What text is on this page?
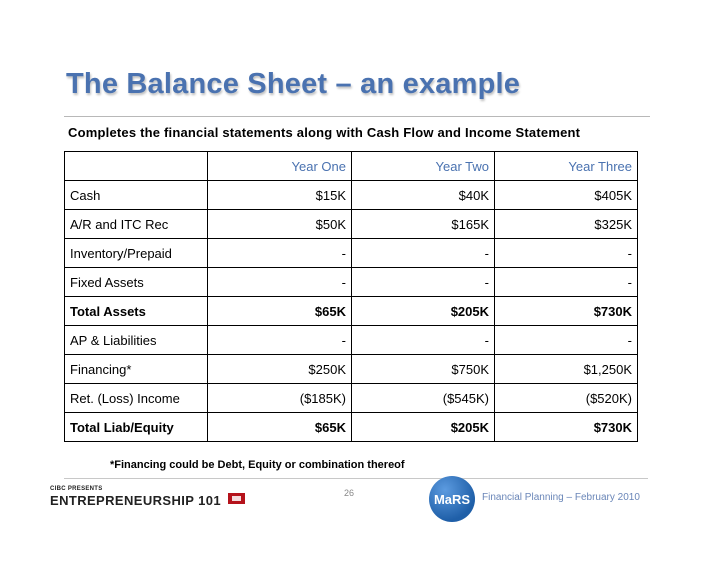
The Balance Sheet – an example
Completes the financial statements along with Cash Flow and Income Statement
	Year One	Year Two	Year Three
Cash	$15K	$40K	$405K
A/R and ITC Rec	$50K	$165K	$325K
Inventory/Prepaid	-	-	-
Fixed Assets	-	-	-
Total Assets	$65K	$205K	$730K
AP & Liabilities	-	-	-
Financing*	$250K	$750K	$1,250K
Ret. (Loss) Income	($185K)	($545K)	($520K)
Total Liab/Equity	$65K	$205K	$730K
*Financing could be Debt, Equity or combination thereof
CIBC PRESENTS
ENTREPRENEURSHIP 101	26	MaRS Financial Planning – February 2010
